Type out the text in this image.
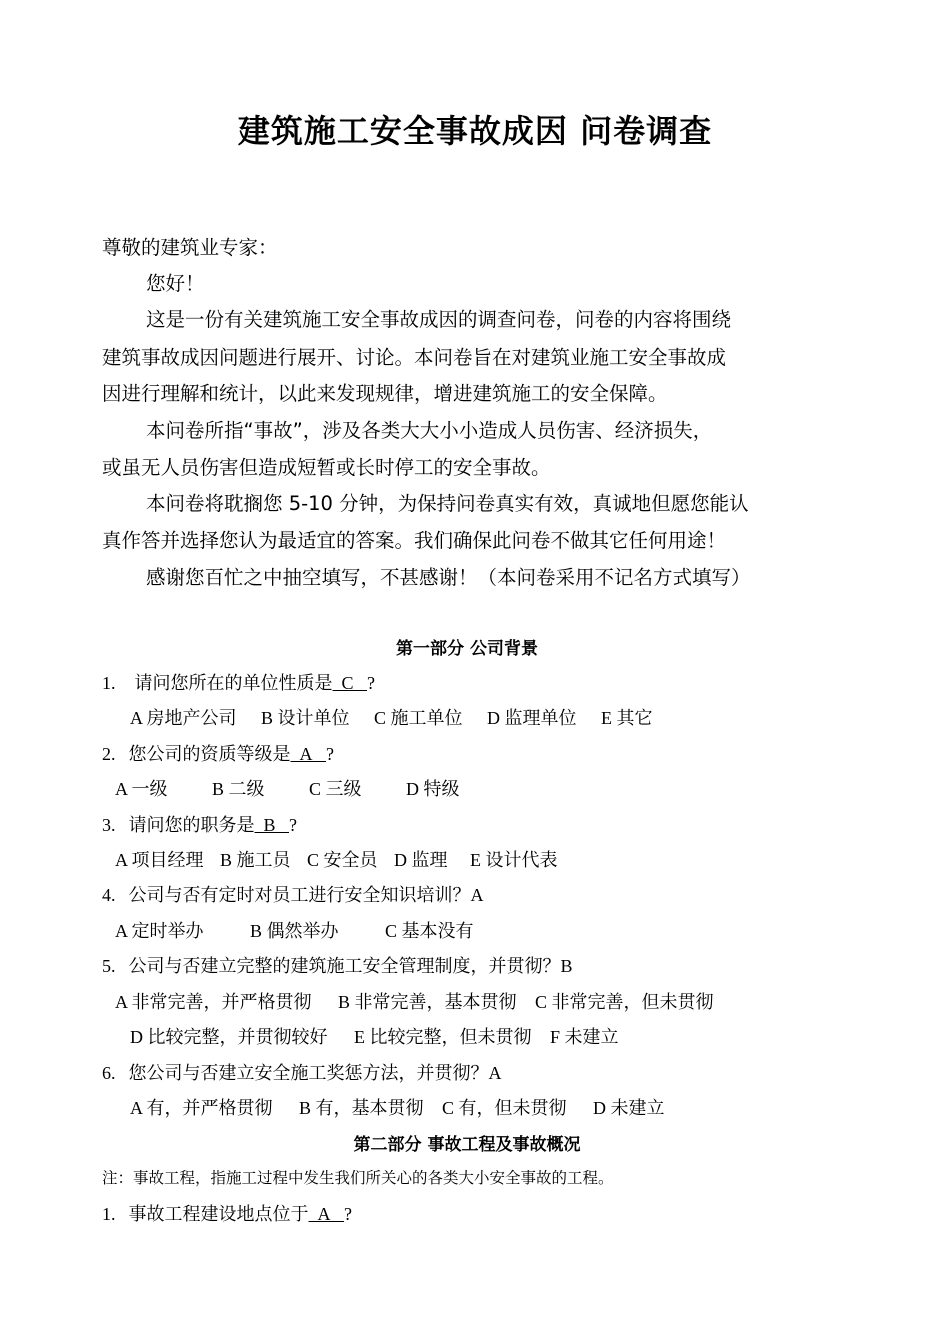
建筑施工安全事故成因 问卷调查
尊敬的建筑业专家：
您好！
这是一份有关建筑施工安全事故成因的调查问卷，问卷的内容将围绕
建筑事故成因问题进行展开、讨论。本问卷旨在对建筑业施工安全事故成
因进行理解和统计，以此来发现规律，增进建筑施工的安全保障。
本问卷所指“事故”，涉及各类大大小小造成人员伤害、经济损失，
或虽无人员伤害但造成短暂或长时停工的安全事故。
本问卷将耽搁您 5-10 分钟，为保持问卷真实有效，真诚地但愿您能认
真作答并选择您认为最适宜的答案。我们确保此问卷不做其它任何用途！
感谢您百忙之中抽空填写，不甚感谢！（本问卷采用不记名方式填写）
第一部分 公司背景
1. 请问您所在的单位性质是 C ?
A 房地产公司 B 设计单位 C 施工单位 D 监理单位 E 其它
2. 您公司的资质等级是 A ?
A 一级 B 二级 C 三级 D 特级
3. 请问您的职务是 B ?
A 项目经理 B 施工员 C 安全员 D 监理 E 设计代表
4. 公司与否有定时对员工进行安全知识培训？A
A 定时举办	B 偶然举办	C 基本没有
5. 公司与否建立完整的建筑施工安全管理制度，并贯彻？B
A 非常完善，并严格贯彻 B 非常完善，基本贯彻 C 非常完善，但未贯彻
D 比较完整，并贯彻较好 E 比较完整，但未贯彻 F 未建立
6. 您公司与否建立安全施工奖惩方法，并贯彻？A
A 有，并严格贯彻 B 有，基本贯彻 C 有，但未贯彻 D 未建立
第二部分 事故工程及事故概况
注：事故工程，指施工过程中发生我们所关心的各类大小安全事故的工程。
1. 事故工程建设地点位于 A ?
